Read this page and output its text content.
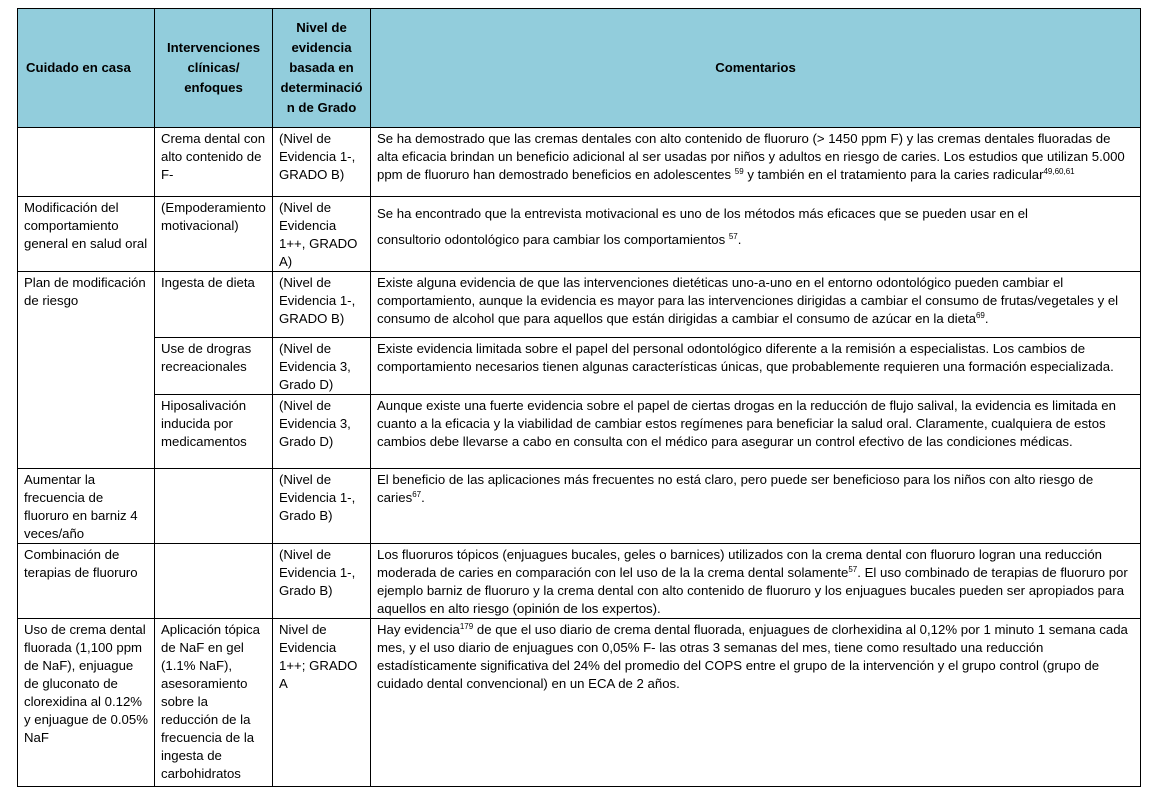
Cuidado en casa	Intervenciones clínicas/ enfoques	Nivel de evidencia basada en determinación de Grado	Comentarios
	Crema dental con alto contenido de F-	(Nivel de Evidencia 1-, GRADO B)	Se ha demostrado que las cremas dentales con alto contenido de fluoruro (> 1450 ppm F) y las cremas dentales fluoradas de alta eficacia brindan un beneficio adicional al ser usadas por niños y adultos en riesgo de caries. Los estudios que utilizan 5.000 ppm de fluoruro han demostrado beneficios en adolescentes $^{59}$ y también en el tratamiento para la caries radicular$^{49,60,61}$
Modificación del comportamiento general en salud oral	(Empoderamiento motivacional)	(Nivel de Evidencia 1++, GRADO A)	Se ha encontrado que la entrevista motivacional es uno de los métodos más eficaces que se pueden usar en el
consultorio odontológico para cambiar los comportamientos $^{57}$.

Plan de modificación de riesgo	Ingesta de dieta	(Nivel de Evidencia 1-, GRADO B)	Existe alguna evidencia de que las intervenciones dietéticas uno-a-uno en el entorno odontológico pueden cambiar el comportamiento, aunque la evidencia es mayor para las intervenciones dirigidas a cambiar el consumo de frutas/vegetales y el consumo de alcohol que para aquellos que están dirigidas a cambiar el consumo de azúcar en la dieta$^{69}$.
	Use de drogras recreacionales	(Nivel de Evidencia 3, Grado D)	Existe evidencia limitada sobre el papel del personal odontológico diferente a la remisión a especialistas. Los cambios de comportamiento necesarios tienen algunas características únicas, que probablemente requieren una formación especializada.
	Hiposalivación inducida por medicamentos	(Nivel de Evidencia 3, Grado D)	Aunque existe una fuerte evidencia sobre el papel de ciertas drogas en la reducción de flujo salival, la evidencia es limitada en cuanto a la eficacia y la viabilidad de cambiar estos regímenes para beneficiar la salud oral. Claramente, cualquiera de estos cambios debe llevarse a cabo en consulta con el médico para asegurar un control efectivo de las condiciones médicas.
Aumentar la frecuencia de fluoruro en barniz 4 veces/año		(Nivel de Evidencia 1-, Grado B)	El beneficio de las aplicaciones más frecuentes no está claro, pero puede ser beneficioso para los niños con alto riesgo de caries$^{67}$.
Combinación de terapias de fluoruro		(Nivel de Evidencia 1-, Grado B)	Los fluoruros tópicos (enjuagues bucales, geles o barnices) utilizados con la crema dental con fluoruro logran una reducción moderada de caries en comparación con lel uso de la la crema dental solamente$^{57}$. El uso combinado de terapias de fluoruro por ejemplo barniz de fluoruro y la crema dental con alto contenido de fluoruro y los enjuagues bucales pueden ser apropiados para aquellos en alto riesgo (opinión de los expertos).
Uso de crema dental fluorada (1,100 ppm de NaF), enjuague de gluconato de clorexidina al 0.12% y enjuague de 0.05% NaF	Aplicación tópica de NaF en gel (1.1% NaF), asesoramiento sobre la reducción de la frecuencia de la ingesta de carbohidratos	Nivel de Evidencia 1++; GRADO A	Hay evidencia$^{179}$ de que el uso diario de crema dental fluorada, enjuagues de clorhexidina al 0,12% por 1 minuto 1 semana cada mes, y el uso diario de enjuagues con 0,05% F- las otras 3 semanas del mes, tiene como resultado una reducción estadísticamente significativa del 24% del promedio del COPS entre el grupo de la intervención y el grupo control (grupo de cuidado dental convencional) en un ECA de 2 años.
